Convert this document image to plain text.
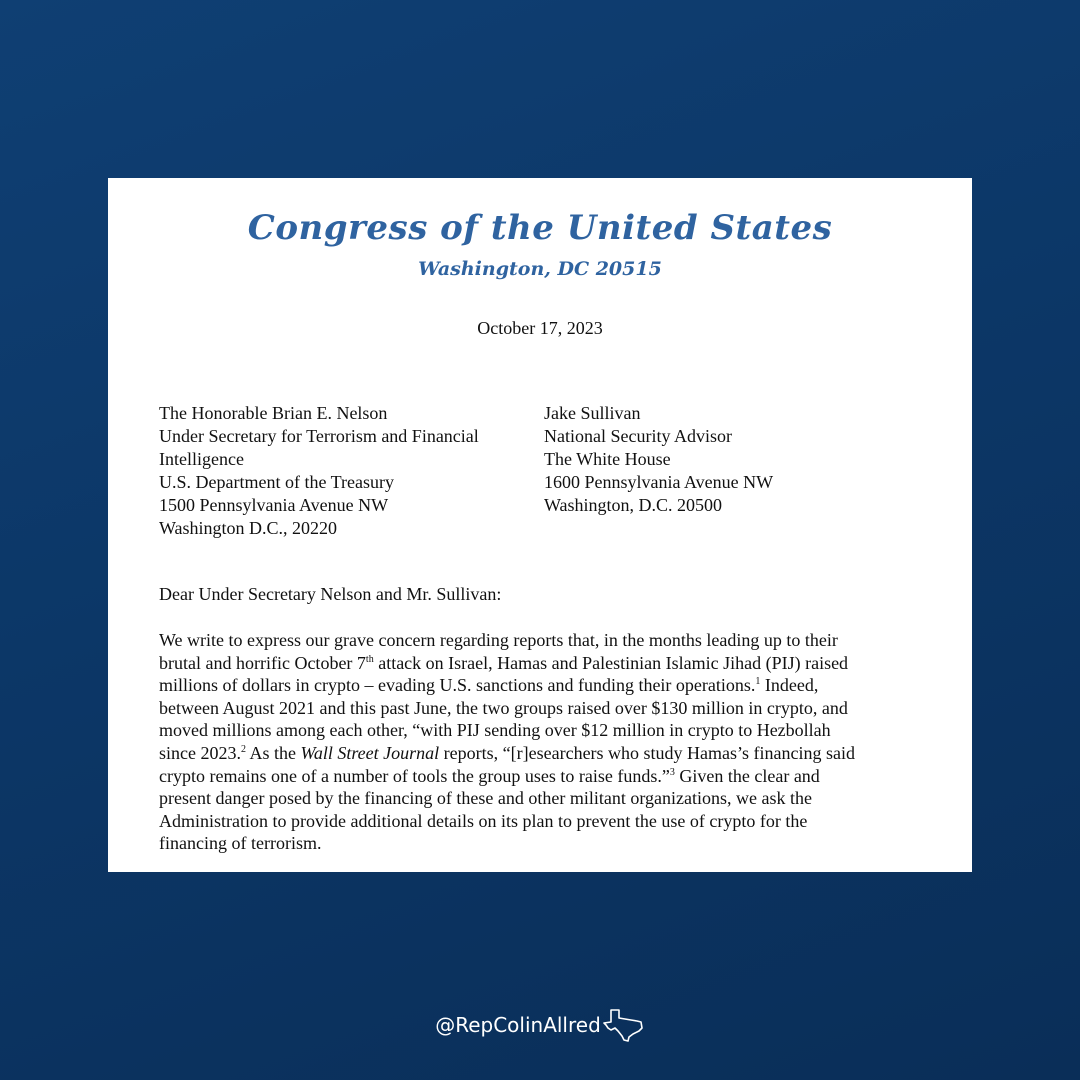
Congress of the United States
Washington, DC 20515
October 17, 2023
The Honorable Brian E. Nelson
Under Secretary for Terrorism and Financial
Intelligence
U.S. Department of the Treasury
1500 Pennsylvania Avenue NW
Washington D.C., 20220
Jake Sullivan
National Security Advisor
The White House
1600 Pennsylvania Avenue NW
Washington, D.C. 20500
Dear Under Secretary Nelson and Mr. Sullivan:
We write to express our grave concern regarding reports that, in the months leading up to their
brutal and horrific October 7th attack on Israel, Hamas and Palestinian Islamic Jihad (PIJ) raised
millions of dollars in crypto – evading U.S. sanctions and funding their operations.$^1$ Indeed,
between August 2021 and this past June, the two groups raised over $130 million in crypto, and
moved millions among each other, “with PIJ sending over $12 million in crypto to Hezbollah
since 2023.$^2$ As the Wall Street Journal reports, “[r]esearchers who study Hamas’s financing said
crypto remains one of a number of tools the group uses to raise funds.”$^3$ Given the clear and
present danger posed by the financing of these and other militant organizations, we ask the
Administration to provide additional details on its plan to prevent the use of crypto for the
financing of terrorism.
@RepColinAllred
